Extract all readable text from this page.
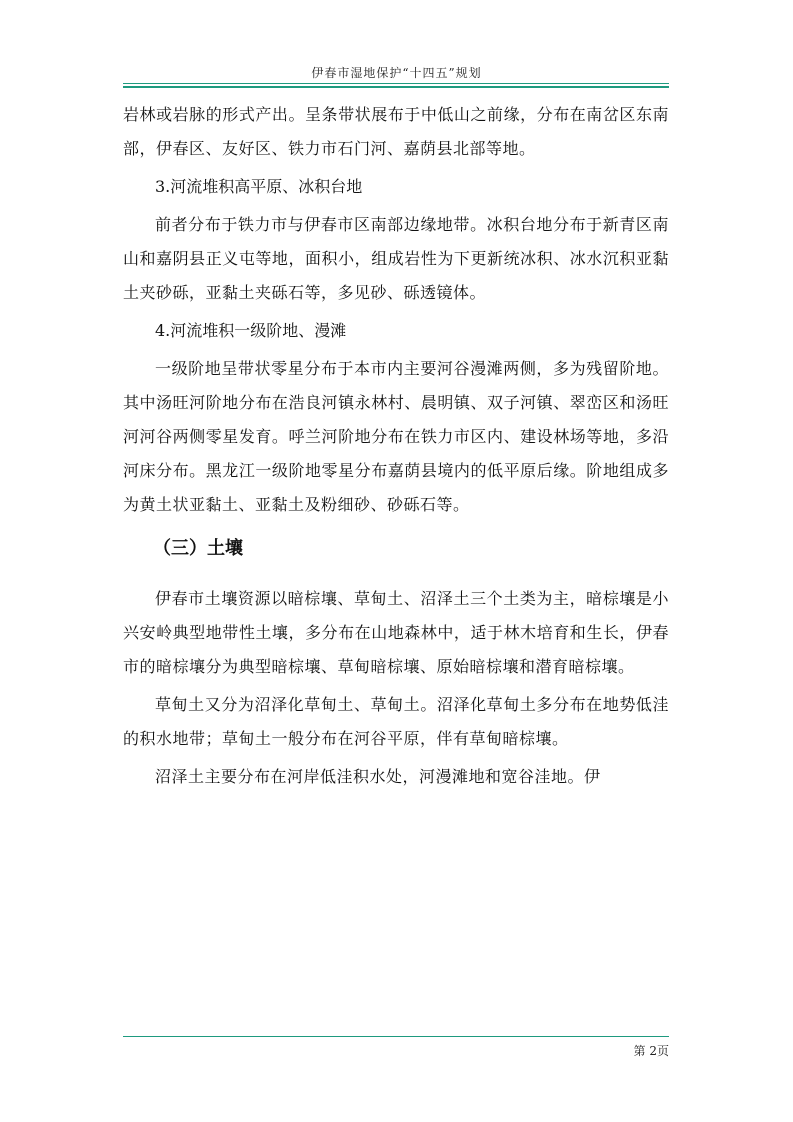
伊春市湿地保护“十四五”规划

岩林或岩脉的形式产出。呈条带状展布于中低山之前缘，分布在南岔区东南部，伊春区、友好区、铁力市石门河、嘉荫县北部等地。

3.河流堆积高平原、冰积台地

前者分布于铁力市与伊春市区南部边缘地带。冰积台地分布于新青区南山和嘉阴县正义屯等地，面积小，组成岩性为下更新统冰积、冰水沉积亚黏土夹砂砾，亚黏土夹砾石等，多见砂、砾透镜体。

4.河流堆积一级阶地、漫滩

一级阶地呈带状零星分布于本市内主要河谷漫滩两侧，多为残留阶地。其中汤旺河阶地分布在浩良河镇永林村、晨明镇、双子河镇、翠峦区和汤旺河河谷两侧零星发育。呼兰河阶地分布在铁力市区内、建设林场等地，多沿河床分布。黑龙江一级阶地零星分布嘉荫县境内的低平原后缘。阶地组成多为黄土状亚黏土、亚黏土及粉细砂、砂砾石等。

（三）土壤

伊春市土壤资源以暗棕壤、草甸土、沼泽土三个土类为主，暗棕壤是小兴安岭典型地带性土壤，多分布在山地森林中，适于林木培育和生长，伊春市的暗棕壤分为典型暗棕壤、草甸暗棕壤、原始暗棕壤和潜育暗棕壤。

草甸土又分为沼泽化草甸土、草甸土。沼泽化草甸土多分布在地势低洼的积水地带；草甸土一般分布在河谷平原，伴有草甸暗棕壤。

沼泽土主要分布在河岸低洼积水处，河漫滩地和宽谷洼地。伊

第 2页
